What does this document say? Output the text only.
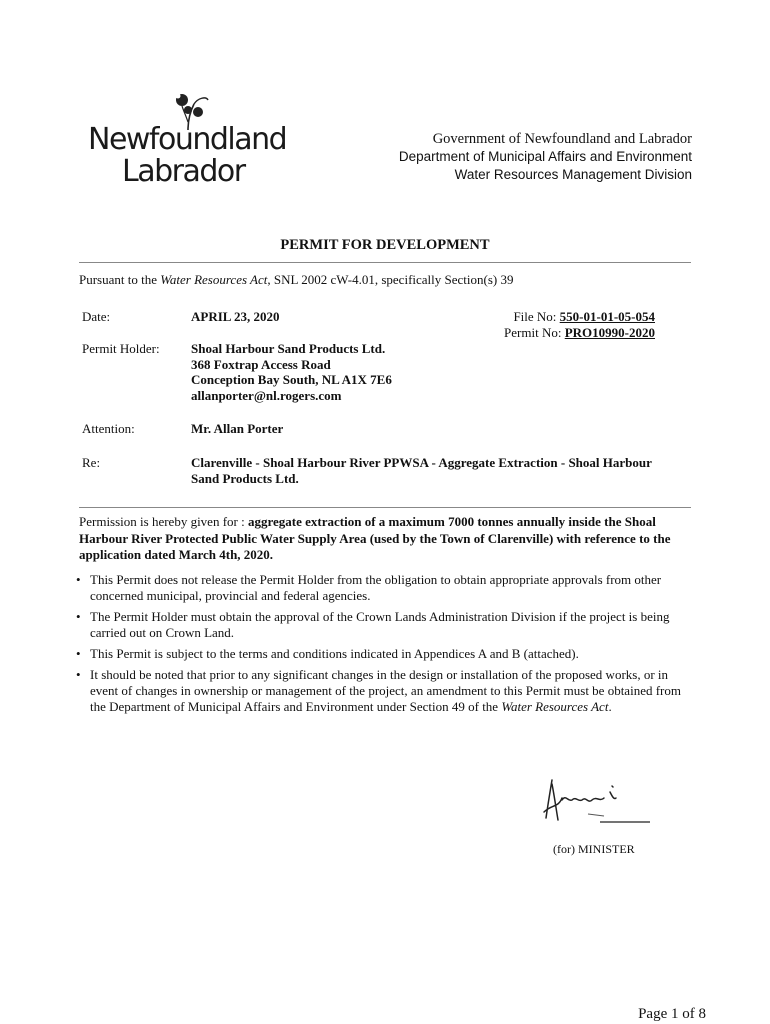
Newfoundland
Labrador
Government of Newfoundland and Labrador
Department of Municipal Affairs and Environment
Water Resources Management Division
PERMIT FOR DEVELOPMENT
Pursuant to the Water Resources Act, SNL 2002 cW-4.01, specifically Section(s) 39
Date:	APRIL 23, 2020	File No: 550-01-01-05-054
Permit No: PRO10990-2020
Permit Holder: Shoal Harbour Sand Products Ltd.
368 Foxtrap Access Road
Conception Bay South, NL A1X 7E6
allanporter@nl.rogers.com
Attention:	Mr. Allan Porter
Re:	Clarenville - Shoal Harbour River PPWSA - Aggregate Extraction - Shoal Harbour
Sand Products Ltd.
Permission is hereby given for : aggregate extraction of a maximum 7000 tonnes annually inside the Shoal Harbour River Protected Public Water Supply Area (used by the Town of Clarenville) with reference to the application dated March 4th, 2020.
• This Permit does not release the Permit Holder from the obligation to obtain appropriate approvals from other concerned municipal, provincial and federal agencies.
• The Permit Holder must obtain the approval of the Crown Lands Administration Division if the project is being carried out on Crown Land.
• This Permit is subject to the terms and conditions indicated in Appendices A and B (attached).
• It should be noted that prior to any significant changes in the design or installation of the proposed works, or in event of changes in ownership or management of the project, an amendment to this Permit must be obtained from the Department of Municipal Affairs and Environment under Section 49 of the Water Resources Act.
(for) MINISTER
Page 1 of 8
